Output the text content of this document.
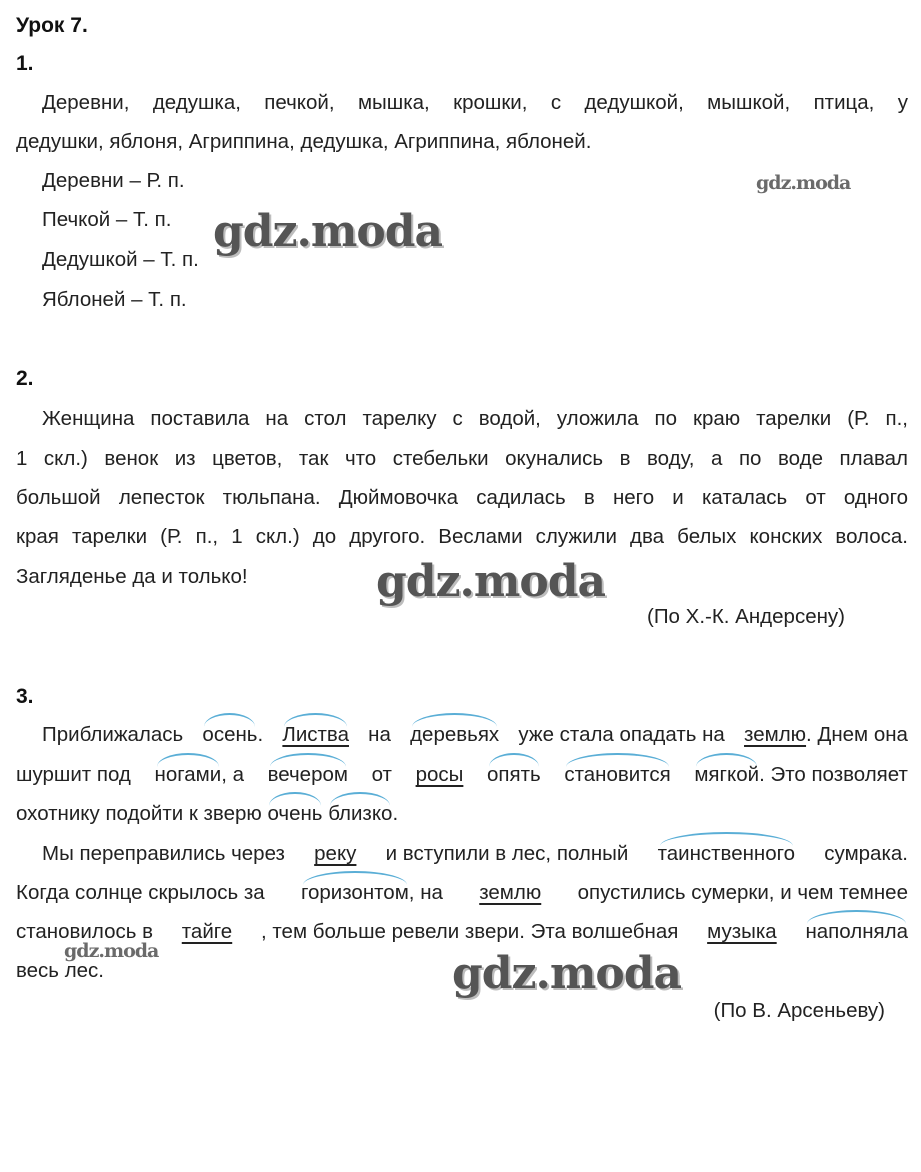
Урок 7.
1.
Деревни, дедушка, печкой, мышка, крошки, с дедушкой, мышкой, птица, у
дедушки, яблоня, Агриппина, дедушка, Агриппина, яблоней.
Деревни – Р. п.
Печкой – Т. п.
Дедушкой – Т. п.
Яблоней – Т. п.
2.
Женщина поставила на стол тарелку с водой, уложила по краю тарелки (Р. п.,
1 скл.) венок из цветов, так что стебельки окунались в воду, а по воде плавал
большой лепесток тюльпана. Дюймовочка садилась в него и каталась от одного
края тарелки (Р. п., 1 скл.) до другого. Веслами служили два белых конских волоса.
Загляденье да и только!
(По Х.-К. Андерсену)
3.
Приближалась осень. Листва на деревьях уже стала опадать на землю. Днем она
шуршит под ногами, а вечером от росы опять становится мягкой. Это позволяет
охотнику подойти к зверю очень близко.
Мы переправились через реку и вступили в лес, полный таинственного сумрака.
Когда солнце скрылось за горизонтом, на землю опустились сумерки, и чем темнее
становилось в тайге , тем больше ревели звери. Эта волшебная музыка наполняла
весь лес.
(По В. Арсеньеву)
gdz.moda
gdz.moda
gdz.moda
gdz.moda	gdz.moda
